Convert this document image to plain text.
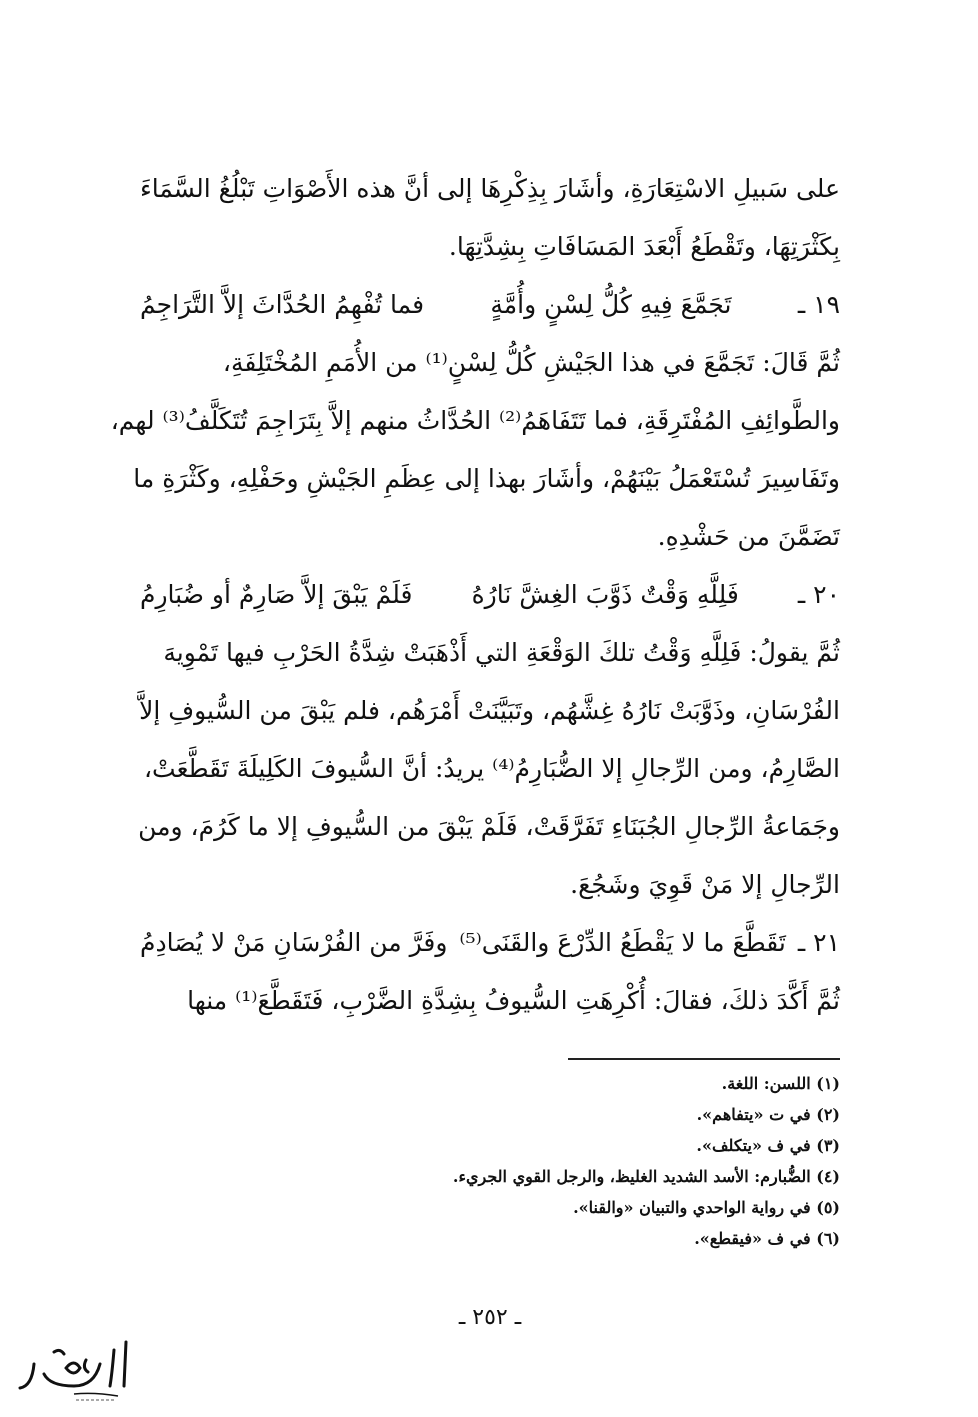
على سَبيلِ الاسْتِعَارَةِ، وأشَارَ بِذِكْرِهَا إلى أنَّ هذه الأَصْوَاتِ تَبْلُغُ السَّمَاءَ
بِكَثْرَتِهَا، وتَقْطَعُ أَبْعَدَ المَسَافَاتِ بِشِدَّتِهَا.
١٩ ـ
تَجَمَّعَ فِيهِ كُلُّ لِسْنٍ وأُمَّةٍ
فما تُفْهِمُ الحُدَّاثَ إلاَّ التَّرَاجِمُ
ثُمَّ قَالَ: تَجَمَّعَ في هذا الجَيْشِ كُلُّ لِسْنٍ⁽¹⁾ من الأُمَمِ المُخْتَلِفَةِ،
والطَّوائِفِ المُفْتَرِقَةِ، فما تَتَفَاهَمُ⁽²⁾ الحُدَّاثُ منهم إلاَّ بِتَرَاجِمَ تُتَكَلَّفُ⁽³⁾ لهم،
وتَفَاسِيرَ تُسْتَعْمَلُ بَيْنَهُمْ، وأشَارَ بهذا إلى عِظَمِ الجَيْشِ وحَفْلِهِ، وكَثْرَةِ ما
تَضَمَّنَ من حَشْدِهِ.
٢٠ ـ
فَلِلَّهِ وَقْتٌ ذَوَّبَ الغِشَّ نَارُهُ
فَلَمْ يَبْقَ إلاَّ صَارِمٌ أو ضُبَارِمُ
ثُمَّ يقولُ: فَلِلَّهِ وَقْتُ تلكَ الوَقْعَةِ التي أَذْهَبَتْ شِدَّةُ الحَرْبِ فيها تَمْوِيهَ
الفُرْسَانِ، وذَوَّبَتْ نَارُهُ غِشَّهُم، وتَبَيَّنَتْ أَمْرَهُم، فلم يَبْقَ من السُّيوفِ إلاَّ
الصَّارِمُ، ومن الرِّجالِ إلا الضُّبَارِمُ⁽⁴⁾ يريدُ: أنَّ السُّيوفَ الكَلِيلَةَ تَقَطَّعَتْ،
وجَمَاعةُ الرِّجالِ الجُبَنَاءِ تَفَرَّقَتْ، فَلَمْ يَبْقَ من السُّيوفِ إلا ما كَرُمَ، ومن
الرِّجالِ إلا مَنْ قَوِيَ وشَجُعَ.
٢١ ـ
تَقَطَّعَ ما لا يَقْطَعُ الدِّرْعَ والقَنَى⁽⁵⁾
وفَرَّ من الفُرْسَانِ مَنْ لا يُصَادِمُ
ثُمَّ أَكَّدَ ذلكَ، فقالَ: أُكْرِهَتِ السُّيوفُ بِشِدَّةِ الضَّرْبِ، فَتَقَطَّعَ⁽¹⁾ منها
(١) اللسن: اللغة.
(٢) في ت «يتفاهم».
(٣) في ف «يتكلف».
(٤) الضُّبارم: الأسد الشديد الغليظ، والرجل القوي الجريء.
(٥) في رواية الواحدي والتبيان «والقنا».
(٦) في ف «فيقطع».
ـ ٢٥٢ ـ
